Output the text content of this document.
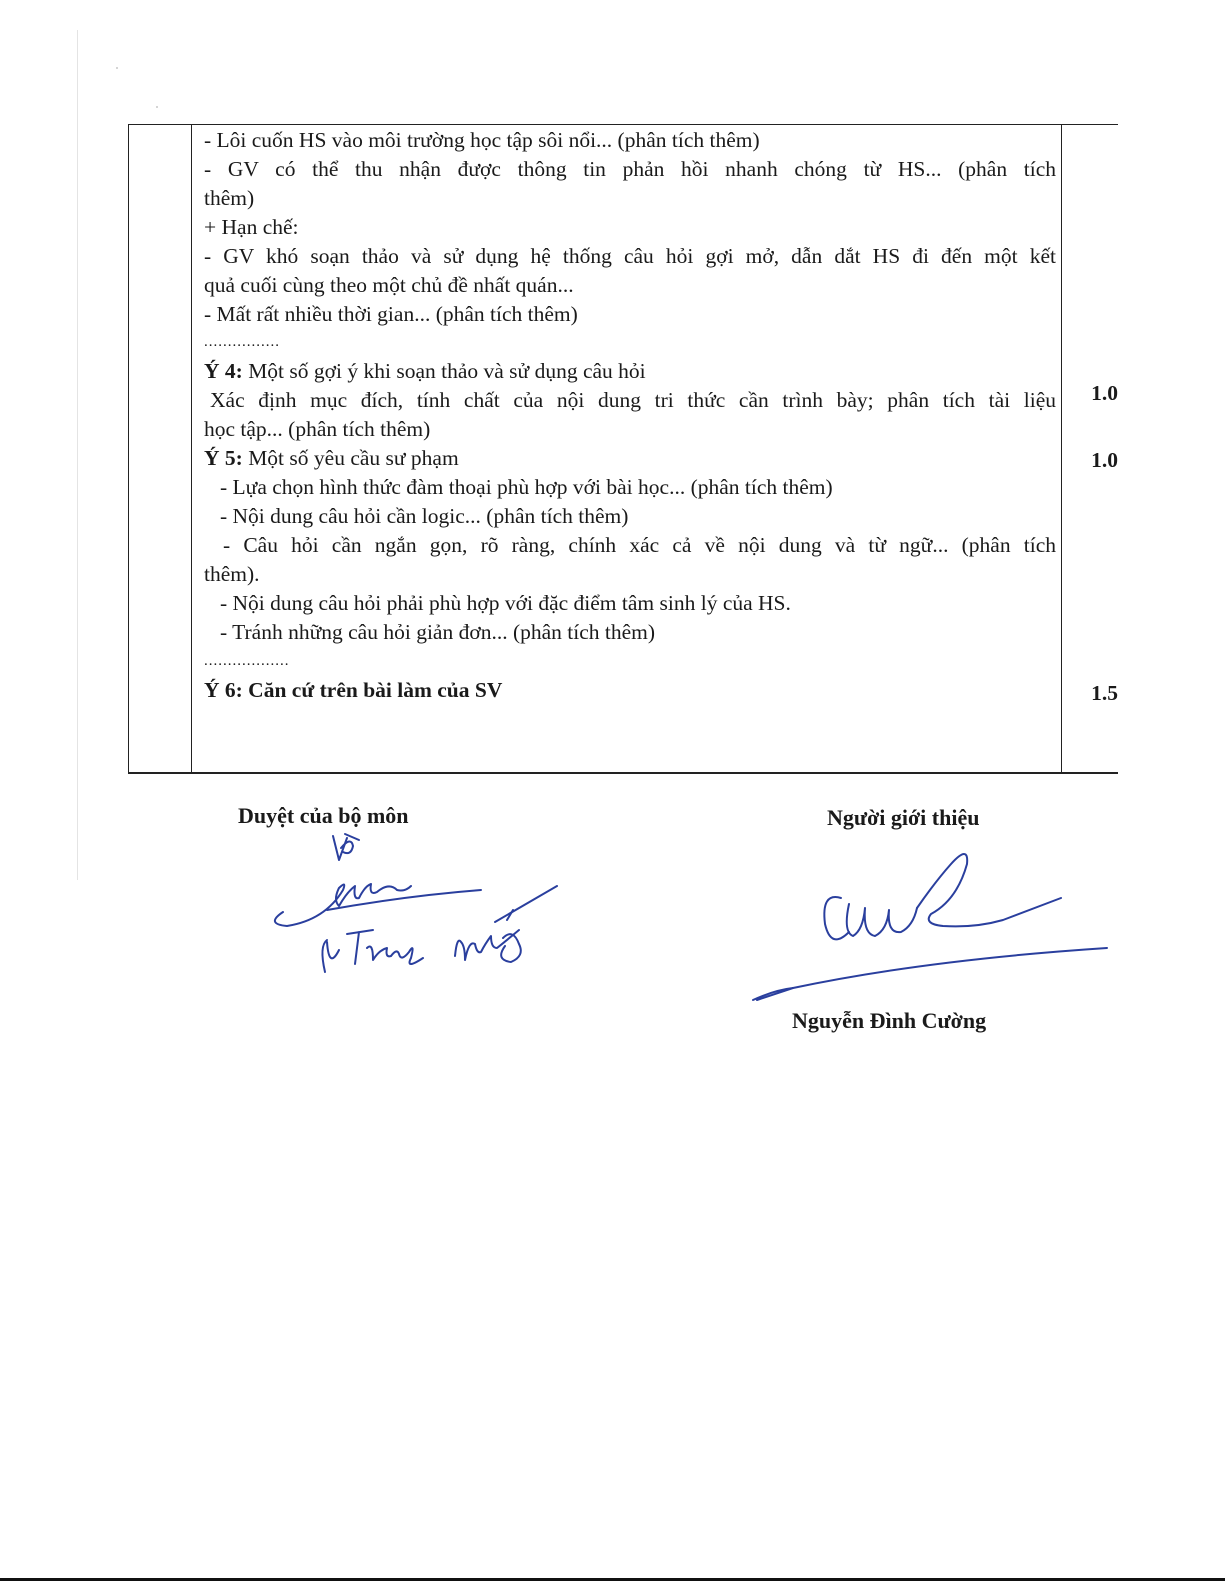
- Lôi cuốn HS vào môi trường học tập sôi nổi... (phân tích thêm)

- GV có thể thu nhận được thông tin phản hồi nhanh chóng từ HS... (phân tích

thêm)

+ Hạn chế:

- GV khó soạn thảo và sử dụng hệ thống câu hỏi gợi mở, dẫn dắt HS đi đến một kết

quả cuối cùng theo một chủ đề nhất quán...

- Mất rất nhiều thời gian... (phân tích thêm)

................

Ý 4: Một số gợi ý khi soạn thảo và sử dụng câu hỏi

Xác định mục đích, tính chất của nội dung tri thức cần trình bày; phân tích tài liệu

học tập... (phân tích thêm)

Ý 5: Một số yêu cầu sư phạm

- Lựa chọn hình thức đàm thoại phù hợp với bài học... (phân tích thêm)

- Nội dung câu hỏi cần logic... (phân tích thêm)

- Câu hỏi cần ngắn gọn, rõ ràng, chính xác cả về nội dung và từ ngữ... (phân tích

thêm).

- Nội dung câu hỏi phải phù hợp với đặc điểm tâm sinh lý của HS.

- Tránh những câu hỏi giản đơn... (phân tích thêm)

..................

Ý 6: Căn cứ trên bài làm của SV

1.0
1.0
1.5
Duyệt của bộ môn	Người giới thiệu
Nguyễn Đình Cường
